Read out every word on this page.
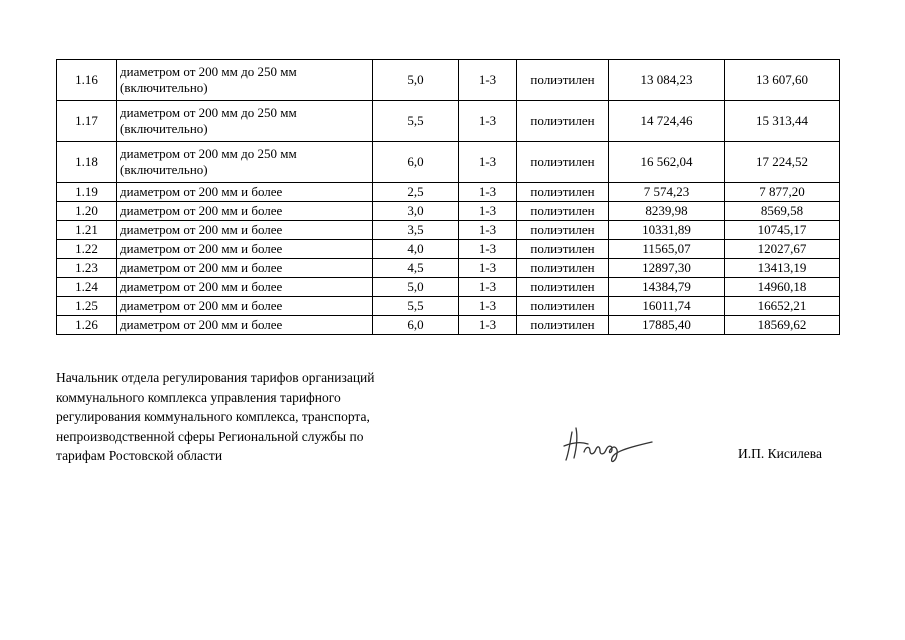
1.16	диаметром от 200 мм до 250 мм
(включительно)	5,0	1-3	полиэтилен	13 084,23	13 607,60
1.17	диаметром от 200 мм до 250 мм
(включительно)	5,5	1-3	полиэтилен	14 724,46	15 313,44
1.18	диаметром от 200 мм до 250 мм
(включительно)	6,0	1-3	полиэтилен	16 562,04	17 224,52
1.19	диаметром от 200 мм и более	2,5	1-3	полиэтилен	7 574,23	7 877,20
1.20	диаметром от 200 мм и более	3,0	1-3	полиэтилен	8239,98	8569,58
1.21	диаметром от 200 мм и более	3,5	1-3	полиэтилен	10331,89	10745,17
1.22	диаметром от 200 мм и более	4,0	1-3	полиэтилен	11565,07	12027,67
1.23	диаметром от 200 мм и более	4,5	1-3	полиэтилен	12897,30	13413,19
1.24	диаметром от 200 мм и более	5,0	1-3	полиэтилен	14384,79	14960,18
1.25	диаметром от 200 мм и более	5,5	1-3	полиэтилен	16011,74	16652,21
1.26	диаметром от 200 мм и более	6,0	1-3	полиэтилен	17885,40	18569,62
Начальник отдела регулирования тарифов организаций
коммунального комплекса управления тарифного
регулирования коммунального комплекса, транспорта,
непроизводственной сферы Региональной службы по
тарифам Ростовской области	И.П. Кисилева
